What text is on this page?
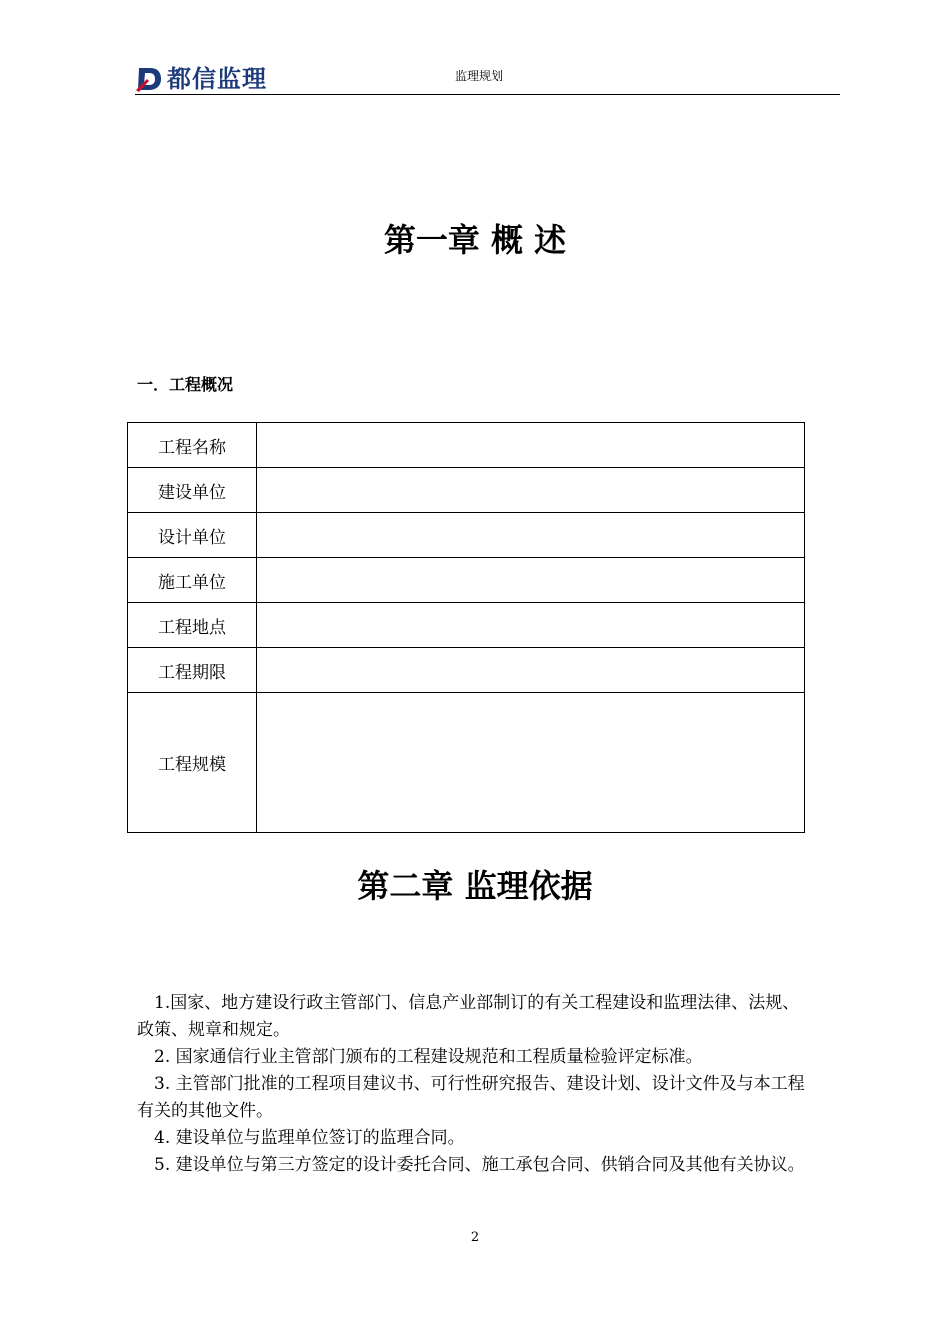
都信监理	监理规划
第一章 概 述
一．工程概况
工程名称	
建设单位	
设计单位	
施工单位	
工程地点	
工程期限	
工程规模	
第二章 监理依据

1.国家、地方建设行政主管部门、信息产业部制订的有关工程建设和监理法律、法规、政策、规章和规定。

2. 国家通信行业主管部门颁布的工程建设规范和工程质量检验评定标准。

3. 主管部门批准的工程项目建议书、可行性研究报告、建设计划、设计文件及与本工程有关的其他文件。

4. 建设单位与监理单位签订的监理合同。

5. 建设单位与第三方签定的设计委托合同、施工承包合同、供销合同及其他有关协议。

2
